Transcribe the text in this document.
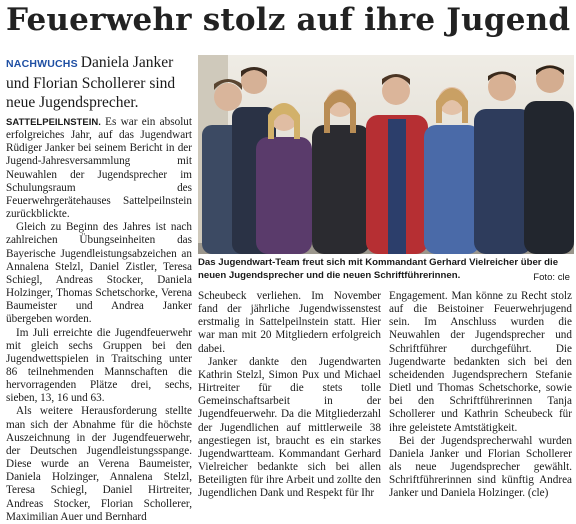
Feuerwehr stolz auf ihre Jugend
NACHWUCHS Daniela Janker und Florian Schollerer sind neue Jugendsprecher.

SATTELPEILNSTEIN. Es war ein absolut erfolgreiches Jahr, auf das Jugendwart Rüdiger Janker bei seinem Bericht in der Jugend-Jahresversammlung mit Neuwahlen der Jugendsprecher im Schulungsraum des Feuerwehrgerätehauses Sattelpeilnstein zurückblickte.

Gleich zu Beginn des Jahres ist nach zahlreichen Übungseinheiten das Bayerische Jugendleistungsabzeichen an Annalena Stelzl, Daniel Zistler, Teresa Schiegl, Andreas Stocker, Daniela Holzinger, Thomas Schetschorke, Verena Baumeister und Andrea Janker übergeben worden.

Im Juli erreichte die Jugendfeuerwehr mit gleich sechs Gruppen bei den Jugendwettspielen in Traitsching unter 86 teilnehmenden Mannschaften die hervorragenden Plätze drei, sechs, sieben, 13, 16 und 63.

Als weitere Herausforderung stellte man sich der Abnahme für die höchste Auszeichnung in der Jugendfeuerwehr, der Deutschen Jugendleistungsspange. Diese wurde an Verena Baumeister, Daniela Holzinger, Annalena Stelzl, Teresa Schiegl, Daniel Hirtreiter, Andreas Stocker, Florian Schollerer, Maximilian Auer und Bernhard

Das Jugendwart-Team freut sich mit Kommandant Gerhard Vielreicher über die neuen Jugendsprecher und die neuen Schriftführerinnen.	Foto: cle

Scheubeck verliehen. Im November fand der jährliche Jugendwissenstest erstmalig in Sattelpeilnstein statt. Hier war man mit 20 Mitgliedern erfolgreich dabei.

Janker dankte den Jugendwarten Kathrin Stelzl, Simon Pux und Michael Hirtreiter für die stets tolle Gemeinschaftsarbeit in der Jugendfeuerwehr. Da die Mitgliederzahl der Jugendlichen auf mittlerweile 38 angestiegen ist, braucht es ein starkes Jugendwartteam. Kommandant Gerhard Vielreicher bedankte sich bei allen Beteiligten für ihre Arbeit und zollte den Jugendlichen Dank und Respekt für Ihr

Engagement. Man könne zu Recht stolz auf die Beistoiner Feuerwehrjugend sein. Im Anschluss wurden die Neuwahlen der Jugendsprecher und Schriftführer durchgeführt. Die Jugendwarte bedankten sich bei den scheidenden Jugendsprechern Stefanie Dietl und Thomas Schetschorke, sowie bei den Schriftführerinnen Tanja Schollerer und Kathrin Scheubeck für ihre geleistete Amtstätigkeit.

Bei der Jugendsprecherwahl wurden Daniela Janker und Florian Schollerer als neue Jugendsprecher gewählt. Schriftführerinnen sind künftig Andrea Janker und Daniela Holzinger. (cle)
